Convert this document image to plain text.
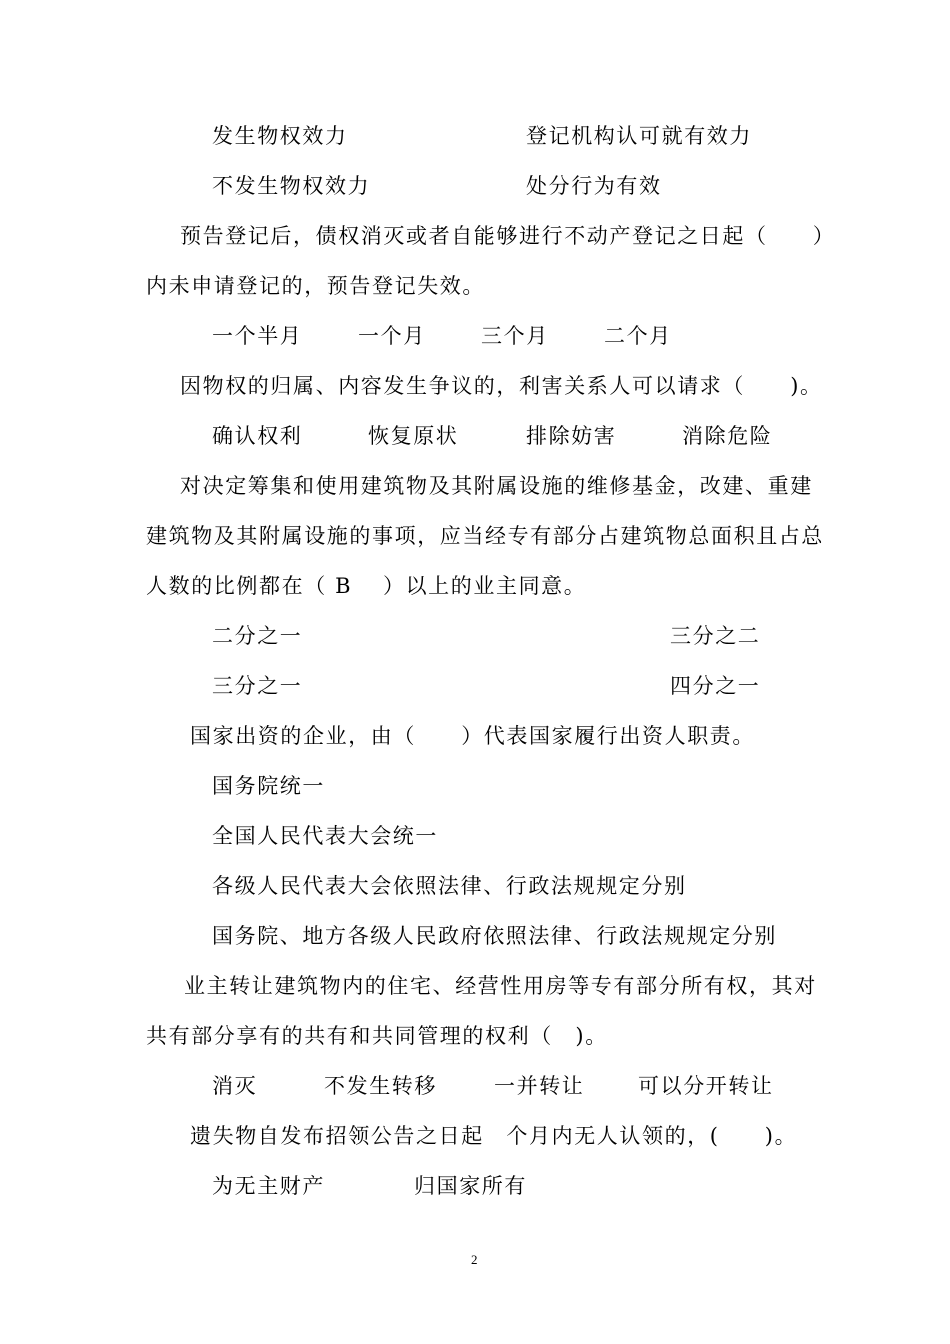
发生物权效力	登记机构认可就有效力
不发生物权效力	处分行为有效
预告登记后，债权消灭或者自能够进行不动产登记之日起（　　）
内未申请登记的，预告登记失效。
一个半月	一个月	三个月	二个月
因物权的归属、内容发生争议的，利害关系人可以请求（　　)。
确认权利	恢复原状	排除妨害	消除危险
对决定筹集和使用建筑物及其附属设施的维修基金，改建、重建
建筑物及其附属设施的事项，应当经专有部分占建筑物总面积且占总
人数的比例都在（ B　 ）以上的业主同意。
二分之一	三分之二
三分之一	四分之一
国家出资的企业，由（　　）代表国家履行出资人职责。
国务院统一
全国人民代表大会统一
各级人民代表大会依照法律、行政法规规定分别
国务院、地方各级人民政府依照法律、行政法规规定分别
业主转让建筑物内的住宅、经营性用房等专有部分所有权，其对
共有部分享有的共有和共同管理的权利（　)。
消灭	不发生转移	一并转让	可以分开转让
遗失物自发布招领公告之日起　个月内无人认领的，(　　)。
为无主财产	归国家所有
2
